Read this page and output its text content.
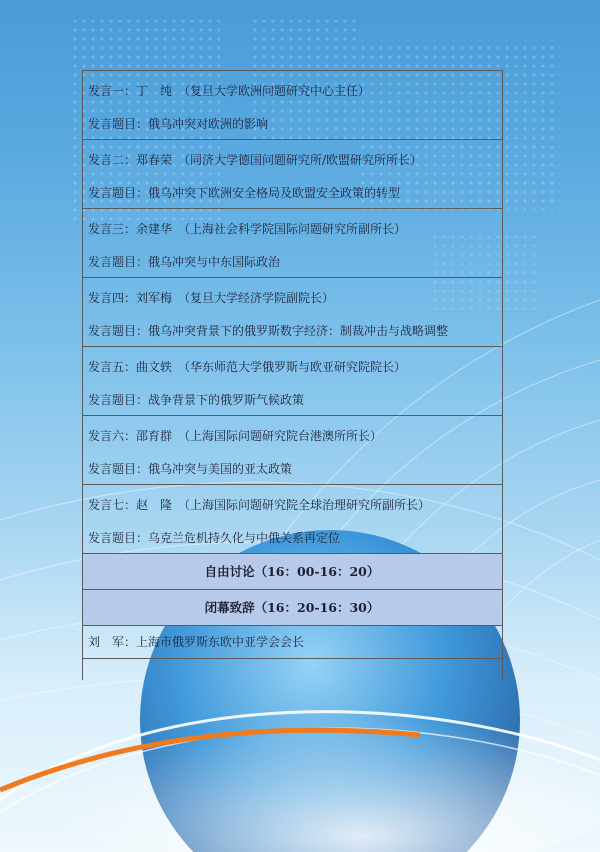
发言一：丁　纯　（复旦大学欧洲问题研究中心主任）
发言题目：俄乌冲突对欧洲的影响

发言二：郑春荣　（同济大学德国问题研究所/欧盟研究所所长）
发言题目：俄乌冲突下欧洲安全格局及欧盟安全政策的转型

发言三：余建华　（上海社会科学院国际问题研究所副所长）
发言题目：俄乌冲突与中东国际政治

发言四：刘军梅　（复旦大学经济学院副院长）
发言题目：俄乌冲突背景下的俄罗斯数字经济：制裁冲击与战略调整

发言五：曲文轶　（华东师范大学俄罗斯与欧亚研究院院长）
发言题目：战争背景下的俄罗斯气候政策

发言六：邵育群　（上海国际问题研究院台港澳所所长）
发言题目：俄乌冲突与美国的亚太政策

发言七：赵　隆　（上海国际问题研究院全球治理研究所副所长）
发言题目：乌克兰危机持久化与中俄关系再定位

自由讨论（16：00-16：20）

闭幕致辞（16：20-16：30）

刘　军：上海市俄罗斯东欧中亚学会会长
